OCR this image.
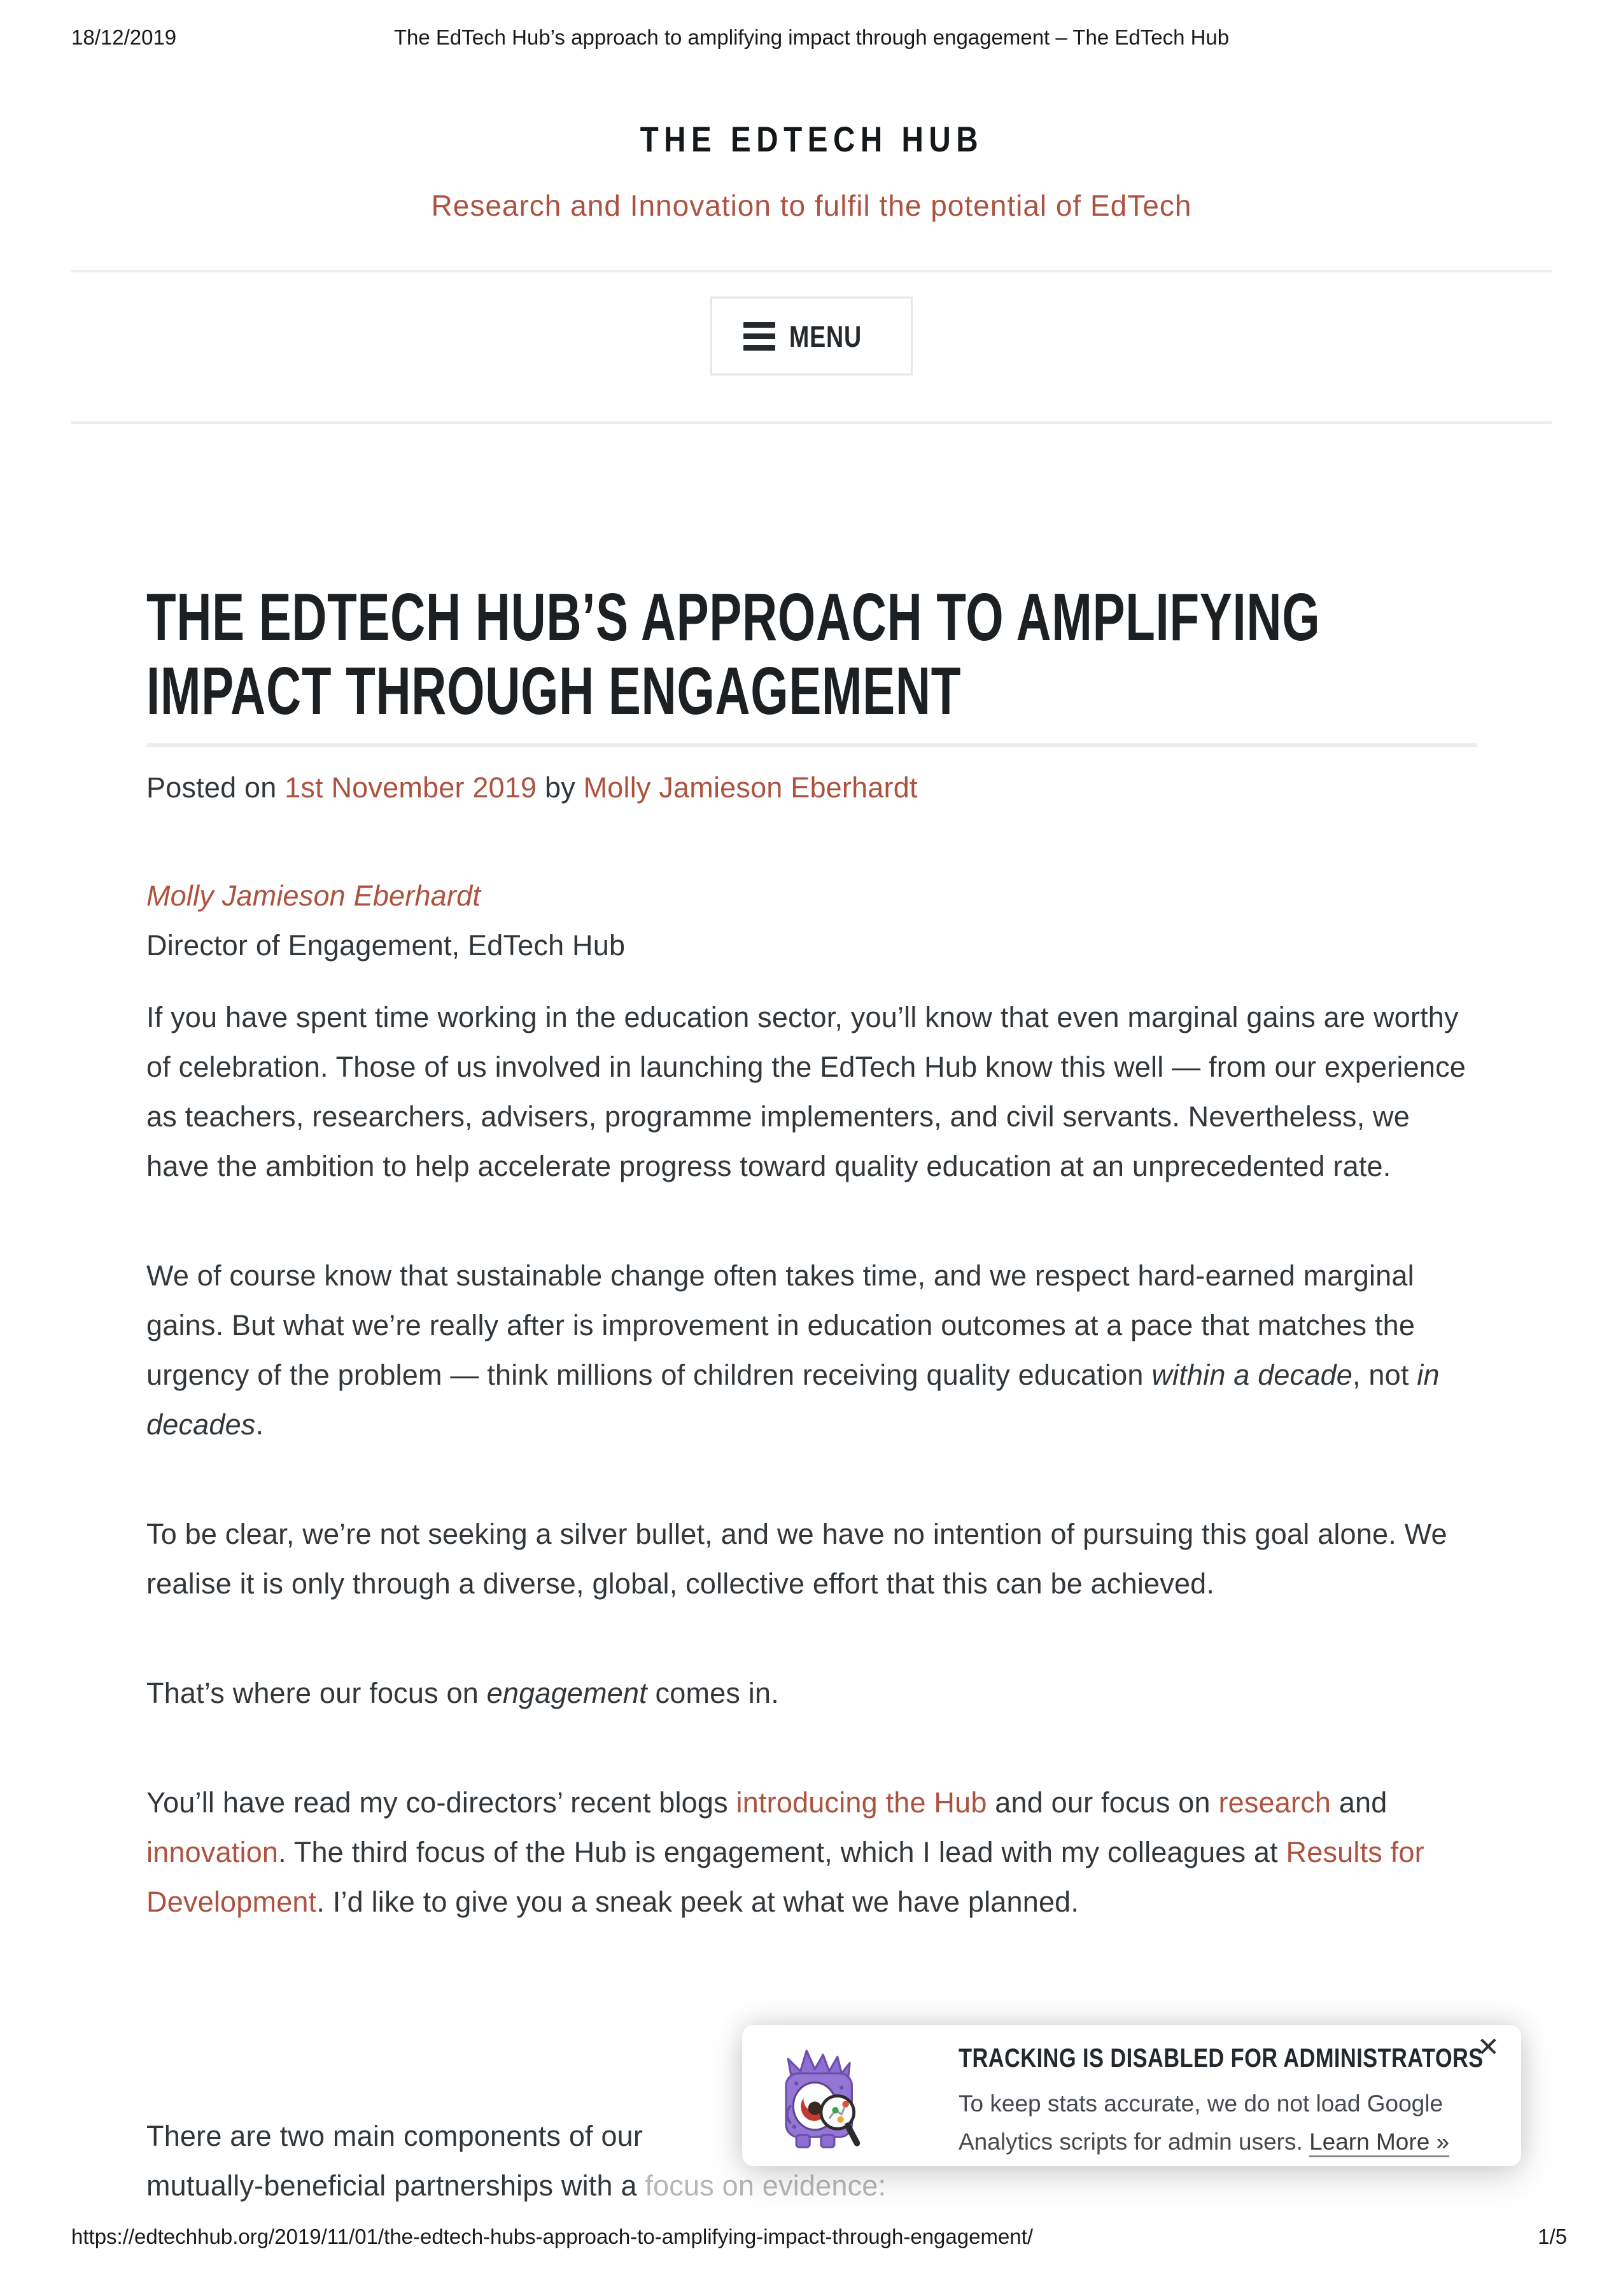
18/12/2019	The EdTech Hub’s approach to amplifying impact through engagement – The EdTech Hub
THE EDTECH HUB
Research and Innovation to fulfil the potential of EdTech
MENU
THE EDTECH HUB’S APPROACH TO AMPLIFYING
IMPACT THROUGH ENGAGEMENT
Posted on 1st November 2019 by Molly Jamieson Eberhardt
Molly Jamieson Eberhardt
Director of Engagement, EdTech Hub

If you have spent time working in the education sector, you’ll know that even marginal gains are worthy of celebration. Those of us involved in launching the EdTech Hub know this well — from our experience as teachers, researchers, advisers, programme implementers, and civil servants. Nevertheless, we have the ambition to help accelerate progress toward quality education at an unprecedented rate.

We of course know that sustainable change often takes time, and we respect hard-earned marginal gains. But what we’re really after is improvement in education outcomes at a pace that matches the urgency of the problem — think millions of children receiving quality education within a decade, not in decades.

To be clear, we’re not seeking a silver bullet, and we have no intention of pursuing this goal alone. We realise it is only through a diverse, global, collective effort that this can be achieved.

That’s where our focus on engagement comes in.

You’ll have read my co-directors’ recent blogs introducing the Hub and our focus on research and innovation. The third focus of the Hub is engagement, which I lead with my colleagues at Results for Development. I’d like to give you a sneak peek at what we have planned.

There are two main components of our
mutually-beneficial partnerships with a focus on evidence:
✕
TRACKING IS DISABLED FOR ADMINISTRATORS
To keep stats accurate, we do not load Google Analytics scripts for admin users. Learn More »
https://edtechhub.org/2019/11/01/the-edtech-hubs-approach-to-amplifying-impact-through-engagement/	1/5
